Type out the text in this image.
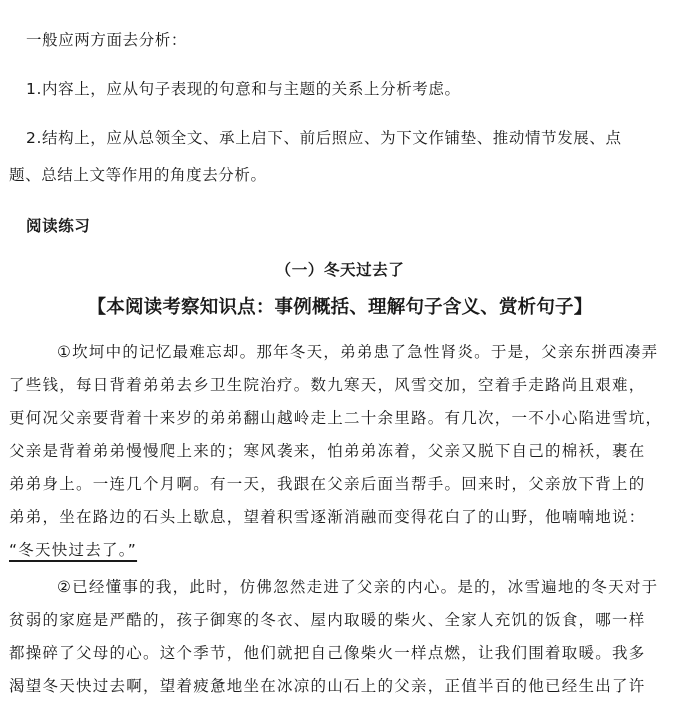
一般应两方面去分析：
1.内容上，应从句子表现的句意和与主题的关系上分析考虑。
2.结构上，应从总领全文、承上启下、前后照应、为下文作铺垫、推动情节发展、点
题、总结上文等作用的角度去分析。
阅读练习
（一）冬天过去了
【本阅读考察知识点：事例概括、理解句子含义、赏析句子】
①坎坷中的记忆最难忘却。那年冬天，弟弟患了急性肾炎。于是，父亲东拼西凑弄
了些钱，每日背着弟弟去乡卫生院治疗。数九寒天，风雪交加，空着手走路尚且艰难，
更何况父亲要背着十来岁的弟弟翻山越岭走上二十余里路。有几次，一不小心陷进雪坑，
父亲是背着弟弟慢慢爬上来的；寒风袭来，怕弟弟冻着，父亲又脱下自己的棉袄，裹在
弟弟身上。一连几个月啊。有一天，我跟在父亲后面当帮手。回来时，父亲放下背上的
弟弟，坐在路边的石头上歇息，望着积雪逐渐消融而变得花白了的山野，他喃喃地说：
“冬天快过去了。”
②已经懂事的我，此时，仿佛忽然走进了父亲的内心。是的，冰雪遍地的冬天对于
贫弱的家庭是严酷的，孩子御寒的冬衣、屋内取暖的柴火、全家人充饥的饭食，哪一样
都操碎了父母的心。这个季节，他们就把自己像柴火一样点燃，让我们围着取暖。我多
渴望冬天快过去啊，望着疲惫地坐在冰凉的山石上的父亲，正值半百的他已经生出了许
